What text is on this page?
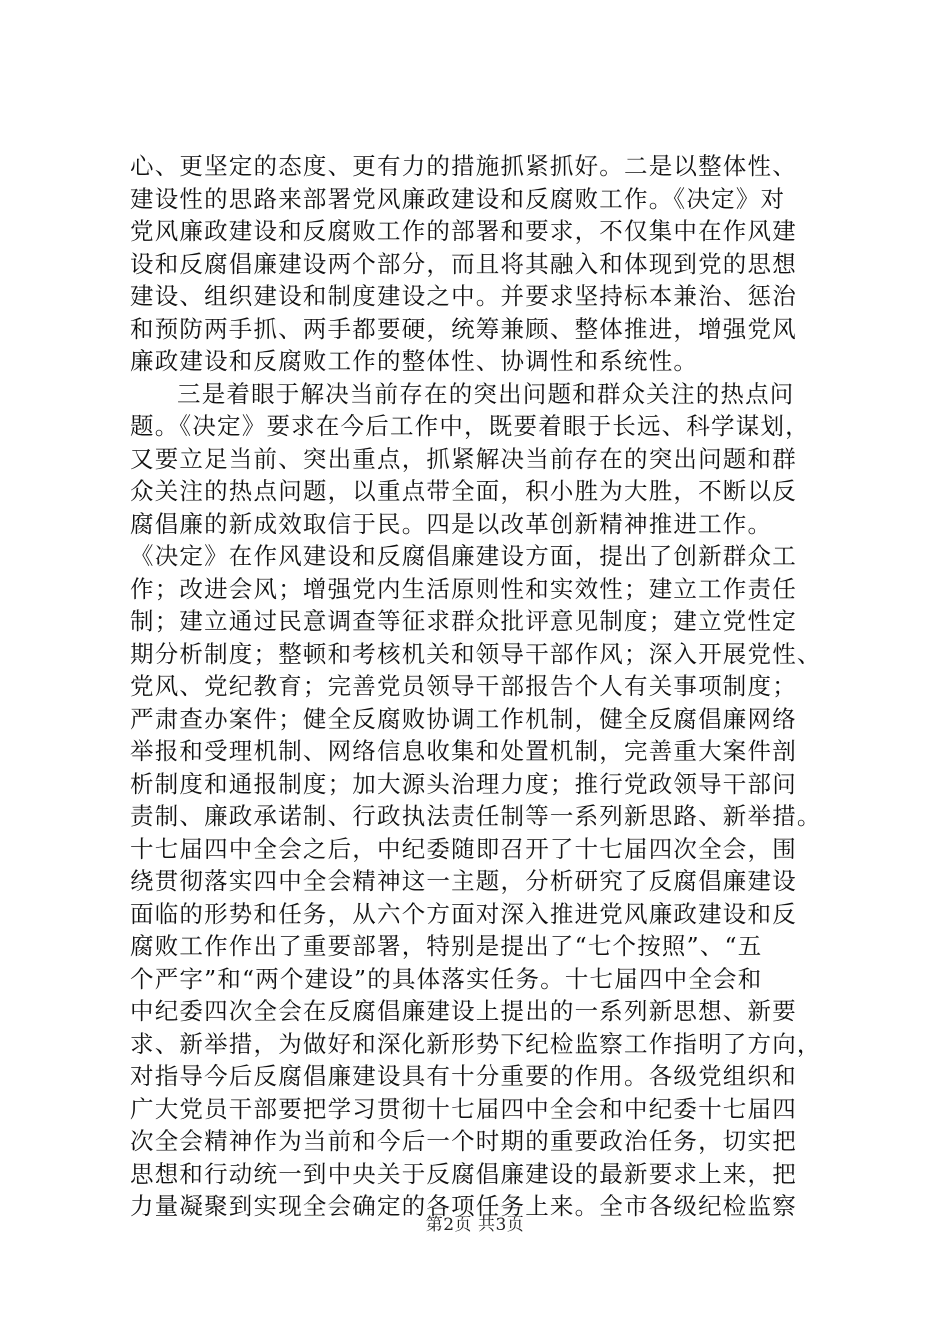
心、更坚定的态度、更有力的措施抓紧抓好。二是以整体性、
建设性的思路来部署党风廉政建设和反腐败工作。《决定》对
党风廉政建设和反腐败工作的部署和要求，不仅集中在作风建
设和反腐倡廉建设两个部分，而且将其融入和体现到党的思想
建设、组织建设和制度建设之中。并要求坚持标本兼治、惩治
和预防两手抓、两手都要硬，统筹兼顾、整体推进，增强党风
廉政建设和反腐败工作的整体性、协调性和系统性。
三是着眼于解决当前存在的突出问题和群众关注的热点问
题。《决定》要求在今后工作中，既要着眼于长远、科学谋划，
又要立足当前、突出重点，抓紧解决当前存在的突出问题和群
众关注的热点问题，以重点带全面，积小胜为大胜，不断以反
腐倡廉的新成效取信于民。四是以改革创新精神推进工作。
《决定》在作风建设和反腐倡廉建设方面，提出了创新群众工
作；改进会风；增强党内生活原则性和实效性；建立工作责任
制；建立通过民意调查等征求群众批评意见制度；建立党性定
期分析制度；整顿和考核机关和领导干部作风；深入开展党性、
党风、党纪教育；完善党员领导干部报告个人有关事项制度；
严肃查办案件；健全反腐败协调工作机制，健全反腐倡廉网络
举报和受理机制、网络信息收集和处置机制，完善重大案件剖
析制度和通报制度；加大源头治理力度；推行党政领导干部问
责制、廉政承诺制、行政执法责任制等一系列新思路、新举措。
十七届四中全会之后，中纪委随即召开了十七届四次全会，围
绕贯彻落实四中全会精神这一主题，分析研究了反腐倡廉建设
面临的形势和任务，从六个方面对深入推进党风廉政建设和反
腐败工作作出了重要部署，特别是提出了“七个按照”、“五
个严字”和“两个建设”的具体落实任务。十七届四中全会和
中纪委四次全会在反腐倡廉建设上提出的一系列新思想、新要
求、新举措，为做好和深化新形势下纪检监察工作指明了方向，
对指导今后反腐倡廉建设具有十分重要的作用。各级党组织和
广大党员干部要把学习贯彻十七届四中全会和中纪委十七届四
次全会精神作为当前和今后一个时期的重要政治任务，切实把
思想和行动统一到中央关于反腐倡廉建设的最新要求上来，把
力量凝聚到实现全会确定的各项任务上来。全市各级纪检监察
第2页 共3页
